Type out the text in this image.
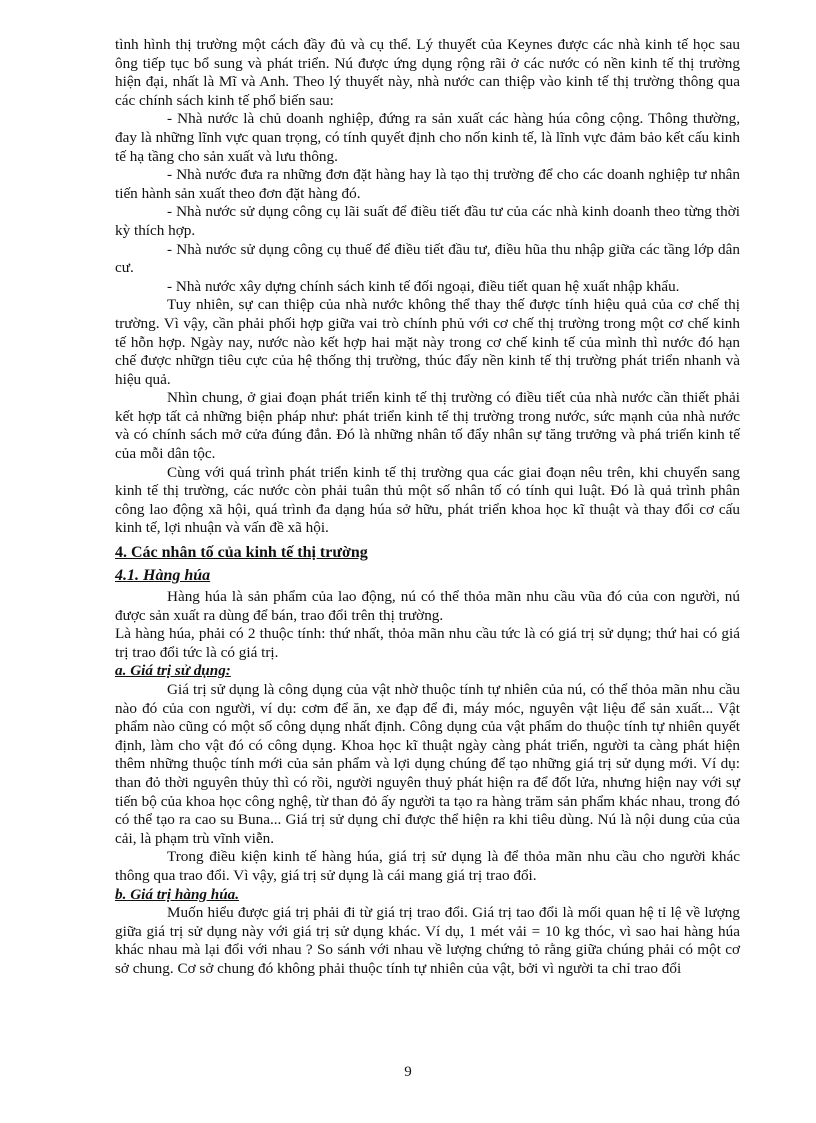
tình hình thị trường một cách đầy đủ và cụ thể. Lý thuyết của Keynes được các nhà kinh tế học sau ông tiếp tục bổ sung và phát triển. Nú được ứng dụng rộng rãi ở các nước có nền kinh tế thị trường hiện đại, nhất là Mĩ và Anh. Theo lý thuyết này, nhà nước can thiệp vào kinh tế thị trường thông qua các chính sách kinh tế phổ biến sau:

- Nhà nước là chủ doanh nghiệp, đứng ra sản xuất các hàng húa công cộng. Thông thường, đay là những lĩnh vực quan trọng, có tính quyết định cho nốn kinh tế, là lĩnh vực đảm bảo kết cấu kinh tế hạ tầng cho sản xuất và lưu thông.

- Nhà nước đưa ra những đơn đặt hàng hay là tạo thị trường để cho các doanh nghiệp tư nhân tiến hành sản xuất theo đơn đặt hàng đó.

- Nhà nước sử dụng công cụ lãi suất để điều tiết đầu tư của các nhà kinh doanh theo từng thời kỳ thích hợp.

- Nhà nước sử dụng công cụ thuế để điều tiết đầu tư, điều hũa thu nhập giữa các tầng lớp dân cư.

- Nhà nước xây dựng chính sách kinh tế đối ngoại, điều tiết quan hệ xuất nhập khẩu.

Tuy nhiên, sự can thiệp của nhà nước không thể thay thế được tính hiệu quả của cơ chế thị trường. Vì vậy, cần phải phối hợp giữa vai trò chính phủ với cơ chế thị trường trong một cơ chế kinh tế hỗn hợp. Ngày nay, nước nào kết hợp hai mặt này trong cơ chế kinh tế của mình thì nước đó hạn chế được nhữgn tiêu cực của hệ thống thị trường, thúc đẩy nền kinh tế thị trường phát triển nhanh và hiệu quả.

Nhìn chung, ở giai đoạn phát triển kinh tế thị trường có điều tiết của nhà nước cần thiết phải kết hợp tất cả những biện pháp như: phát triển kinh tế thị trường trong nước, sức mạnh của nhà nước và có chính sách mở cửa đúng đắn. Đó là những nhân tố đẩy nhân sự tăng trưởng và phá triển kinh tế của mỗi dân tộc.

Cùng với quá trình phát triển kinh tế thị trường qua các giai đoạn nêu trên, khi chuyển sang kinh tế thị trường, các nước còn phải tuân thủ một số nhân tố có tính qui luật. Đó là quả trình phân công lao động xã hội, quá trình đa dạng húa sở hữu, phát triển khoa học kĩ thuật và thay đổi cơ cấu kinh tế, lợi nhuận và vấn đề xã hội.

4. Các nhân tố của kinh tế thị trường
4.1. Hàng húa

Hàng húa là sản phẩm của lao động, nú có thể thỏa mãn nhu cầu vũa đó của con người, nú được sản xuất ra dùng để bán, trao đổi trên thị trường.

Là hàng húa, phải có 2 thuộc tính: thứ nhất, thỏa mãn nhu cầu tức là có giá trị sử dụng; thứ hai có giá trị trao đổi tức là có giá trị.

a. Giá trị sử dụng:

Giá trị sử dụng là công dụng của vật nhờ thuộc tính tự nhiên của nú, có thể thỏa mãn nhu cầu nào đó của con người, ví dụ: cơm để ăn, xe đạp để đi, máy móc, nguyên vật liệu để sản xuất... Vật phẩm nào cũng có một số công dụng nhất định. Công dụng của vật phẩm do thuộc tính tự nhiên quyết định, làm cho vật đó có công dụng. Khoa học kĩ thuật ngày càng phát triển, người ta càng phát hiện thêm những thuộc tính mới của sản phẩm và lợi dụng chúng để tạo những giá trị sử dụng mới. Ví dụ: than đỏ thời nguyên thủy thì có rồi, người nguyên thuỷ phát hiện ra để đốt lửa, nhưng hiện nay với sự tiến bộ của khoa học công nghệ, từ than đỏ ấy người ta tạo ra hàng trăm sản phẩm khác nhau, trong đó có thể tạo ra cao su Buna... Giá trị sử dụng chỉ được thể hiện ra khi tiêu dùng. Nú là nội dung của của cải, là phạm trù vĩnh viễn.

Trong điều kiện kinh tế hàng húa, giá trị sử dụng là để thỏa mãn nhu cầu cho người khác thông qua trao đổi. Vì vậy, giá trị sử dụng là cái mang giá trị trao đổi.

b. Giá trị hàng húa.

Muốn hiểu được giá trị phải đi từ giá trị trao đổi. Giá trị tao đổi là mối quan hệ tỉ lệ về lượng giữa giá trị sử dụng này với giá trị sử dụng khác. Ví dụ, 1 mét vải = 10 kg thóc, vì sao hai hàng húa khác nhau mà lại đổi với nhau ? So sánh với nhau về lượng chứng tỏ rằng giữa chúng phải có một cơ sở chung. Cơ sở chung đó không phải thuộc tính tự nhiên của vật, bởi vì người ta chỉ trao đổi

9
